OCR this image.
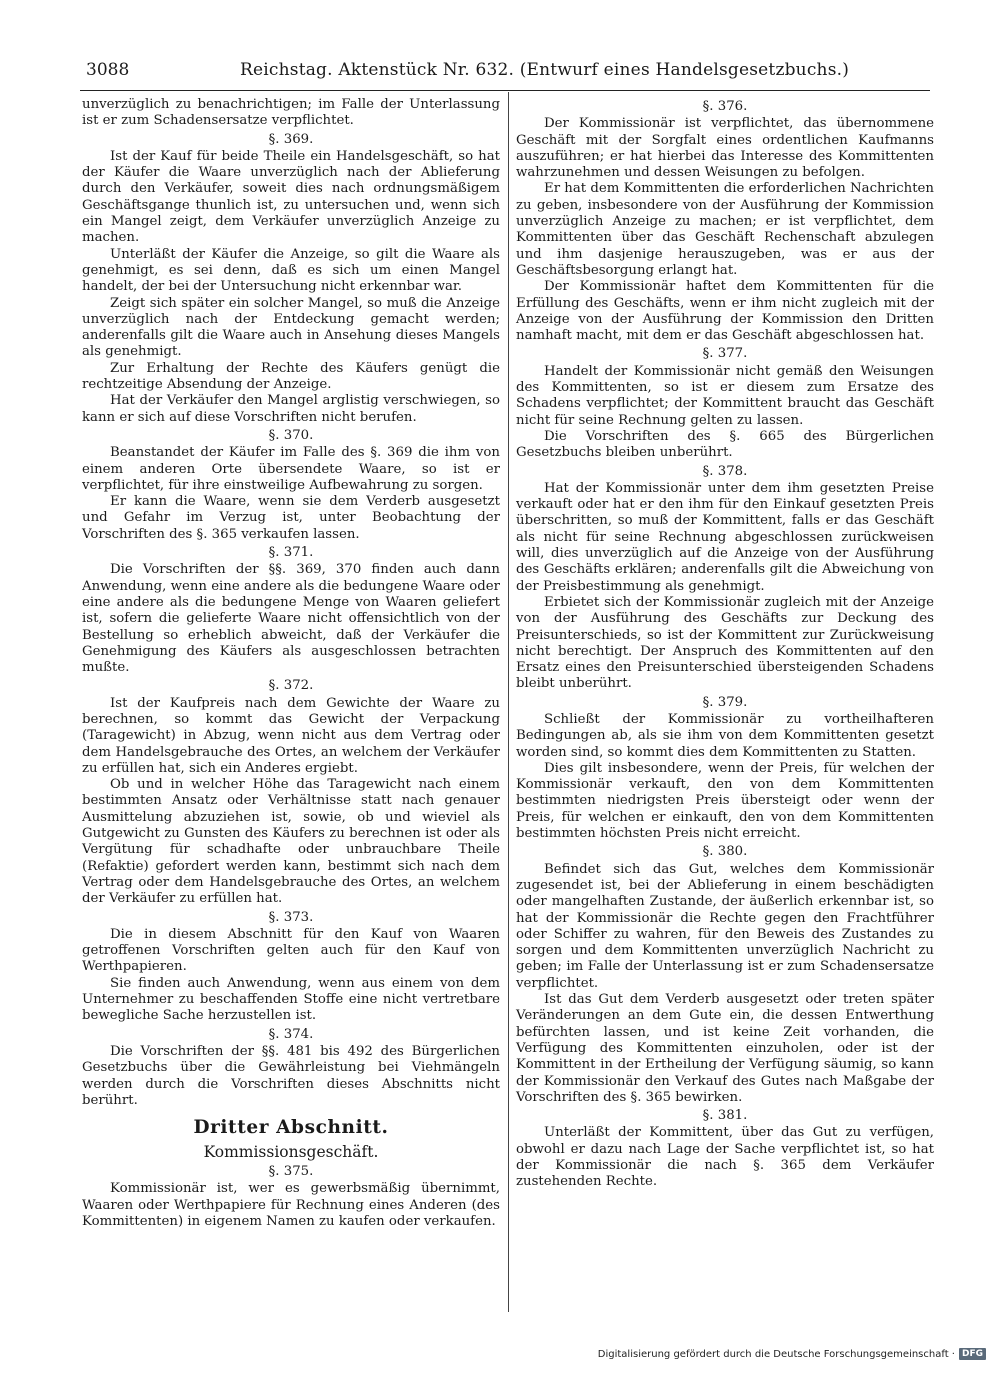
3088	Reichstag. Aktenstück Nr. 632. (Entwurf eines Handelsgesetzbuchs.)

unverzüglich zu benachrichtigen; im Falle der Unterlassung ist er zum Schadensersatze verpflichtet.

§. 369.

Ist der Kauf für beide Theile ein Handelsgeschäft, so hat der Käufer die Waare unverzüglich nach der Ablieferung durch den Verkäufer, soweit dies nach ordnungsmäßigem Geschäftsgange thunlich ist, zu untersuchen und, wenn sich ein Mangel zeigt, dem Verkäufer unverzüglich Anzeige zu machen.

Unterläßt der Käufer die Anzeige, so gilt die Waare als genehmigt, es sei denn, daß es sich um einen Mangel handelt, der bei der Untersuchung nicht erkennbar war.

Zeigt sich später ein solcher Mangel, so muß die Anzeige unverzüglich nach der Entdeckung gemacht werden; anderenfalls gilt die Waare auch in Ansehung dieses Mangels als genehmigt.

Zur Erhaltung der Rechte des Käufers genügt die rechtzeitige Absendung der Anzeige.

Hat der Verkäufer den Mangel arglistig verschwiegen, so kann er sich auf diese Vorschriften nicht berufen.

§. 370.

Beanstandet der Käufer im Falle des §. 369 die ihm von einem anderen Orte übersendete Waare, so ist er verpflichtet, für ihre einstweilige Aufbewahrung zu sorgen.

Er kann die Waare, wenn sie dem Verderb ausgesetzt und Gefahr im Verzug ist, unter Beobachtung der Vorschriften des §. 365 verkaufen lassen.

§. 371.

Die Vorschriften der §§. 369, 370 finden auch dann Anwendung, wenn eine andere als die bedungene Waare oder eine andere als die bedungene Menge von Waaren geliefert ist, sofern die gelieferte Waare nicht offensichtlich von der Bestellung so erheblich abweicht, daß der Verkäufer die Genehmigung des Käufers als ausgeschlossen betrachten mußte.

§. 372.

Ist der Kaufpreis nach dem Gewichte der Waare zu berechnen, so kommt das Gewicht der Verpackung (Taragewicht) in Abzug, wenn nicht aus dem Vertrag oder dem Handelsgebrauche des Ortes, an welchem der Verkäufer zu erfüllen hat, sich ein Anderes ergiebt.

Ob und in welcher Höhe das Taragewicht nach einem bestimmten Ansatz oder Verhältnisse statt nach genauer Ausmittelung abzuziehen ist, sowie, ob und wieviel als Gutgewicht zu Gunsten des Käufers zu berechnen ist oder als Vergütung für schadhafte oder unbrauchbare Theile (Refaktie) gefordert werden kann, bestimmt sich nach dem Vertrag oder dem Handelsgebrauche des Ortes, an welchem der Verkäufer zu erfüllen hat.

§. 373.

Die in diesem Abschnitt für den Kauf von Waaren getroffenen Vorschriften gelten auch für den Kauf von Werthpapieren.

Sie finden auch Anwendung, wenn aus einem von dem Unternehmer zu beschaffenden Stoffe eine nicht vertretbare bewegliche Sache herzustellen ist.

§. 374.

Die Vorschriften der §§. 481 bis 492 des Bürgerlichen Gesetzbuchs über die Gewährleistung bei Viehmängeln werden durch die Vorschriften dieses Abschnitts nicht berührt.

Dritter Abschnitt.
Kommissionsgeschäft.
§. 375.

Kommissionär ist, wer es gewerbsmäßig übernimmt, Waaren oder Werthpapiere für Rechnung eines Anderen (des Kommittenten) in eigenem Namen zu kaufen oder verkaufen.

§. 376.

Der Kommissionär ist verpflichtet, das übernommene Geschäft mit der Sorgfalt eines ordentlichen Kaufmanns auszuführen; er hat hierbei das Interesse des Kommittenten wahrzunehmen und dessen Weisungen zu befolgen.

Er hat dem Kommittenten die erforderlichen Nachrichten zu geben, insbesondere von der Ausführung der Kommission unverzüglich Anzeige zu machen; er ist verpflichtet, dem Kommittenten über das Geschäft Rechenschaft abzulegen und ihm dasjenige herauszugeben, was er aus der Geschäftsbesorgung erlangt hat.

Der Kommissionär haftet dem Kommittenten für die Erfüllung des Geschäfts, wenn er ihm nicht zugleich mit der Anzeige von der Ausführung der Kommission den Dritten namhaft macht, mit dem er das Geschäft abgeschlossen hat.

§. 377.

Handelt der Kommissionär nicht gemäß den Weisungen des Kommittenten, so ist er diesem zum Ersatze des Schadens verpflichtet; der Kommittent braucht das Geschäft nicht für seine Rechnung gelten zu lassen.

Die Vorschriften des §. 665 des Bürgerlichen Gesetzbuchs bleiben unberührt.

§. 378.

Hat der Kommissionär unter dem ihm gesetzten Preise verkauft oder hat er den ihm für den Einkauf gesetzten Preis überschritten, so muß der Kommittent, falls er das Geschäft als nicht für seine Rechnung abgeschlossen zurückweisen will, dies unverzüglich auf die Anzeige von der Ausführung des Geschäfts erklären; anderenfalls gilt die Abweichung von der Preisbestimmung als genehmigt.

Erbietet sich der Kommissionär zugleich mit der Anzeige von der Ausführung des Geschäfts zur Deckung des Preisunterschieds, so ist der Kommittent zur Zurückweisung nicht berechtigt. Der Anspruch des Kommittenten auf den Ersatz eines den Preisunterschied übersteigenden Schadens bleibt unberührt.

§. 379.

Schließt der Kommissionär zu vortheilhafteren Bedingungen ab, als sie ihm von dem Kommittenten gesetzt worden sind, so kommt dies dem Kommittenten zu Statten.

Dies gilt insbesondere, wenn der Preis, für welchen der Kommissionär verkauft, den von dem Kommittenten bestimmten niedrigsten Preis übersteigt oder wenn der Preis, für welchen er einkauft, den von dem Kommittenten bestimmten höchsten Preis nicht erreicht.

§. 380.

Befindet sich das Gut, welches dem Kommissionär zugesendet ist, bei der Ablieferung in einem beschädigten oder mangelhaften Zustande, der äußerlich erkennbar ist, so hat der Kommissionär die Rechte gegen den Frachtführer oder Schiffer zu wahren, für den Beweis des Zustandes zu sorgen und dem Kommittenten unverzüglich Nachricht zu geben; im Falle der Unterlassung ist er zum Schadensersatze verpflichtet.

Ist das Gut dem Verderb ausgesetzt oder treten später Veränderungen an dem Gute ein, die dessen Entwerthung befürchten lassen, und ist keine Zeit vorhanden, die Verfügung des Kommittenten einzuholen, oder ist der Kommittent in der Ertheilung der Verfügung säumig, so kann der Kommissionär den Verkauf des Gutes nach Maßgabe der Vorschriften des §. 365 bewirken.

§. 381.

Unterläßt der Kommittent, über das Gut zu verfügen, obwohl er dazu nach Lage der Sache verpflichtet ist, so hat der Kommissionär die nach §. 365 dem Verkäufer zustehenden Rechte.

Digitalisierung gefördert durch die Deutsche Forschungsgemeinschaft · DFG
